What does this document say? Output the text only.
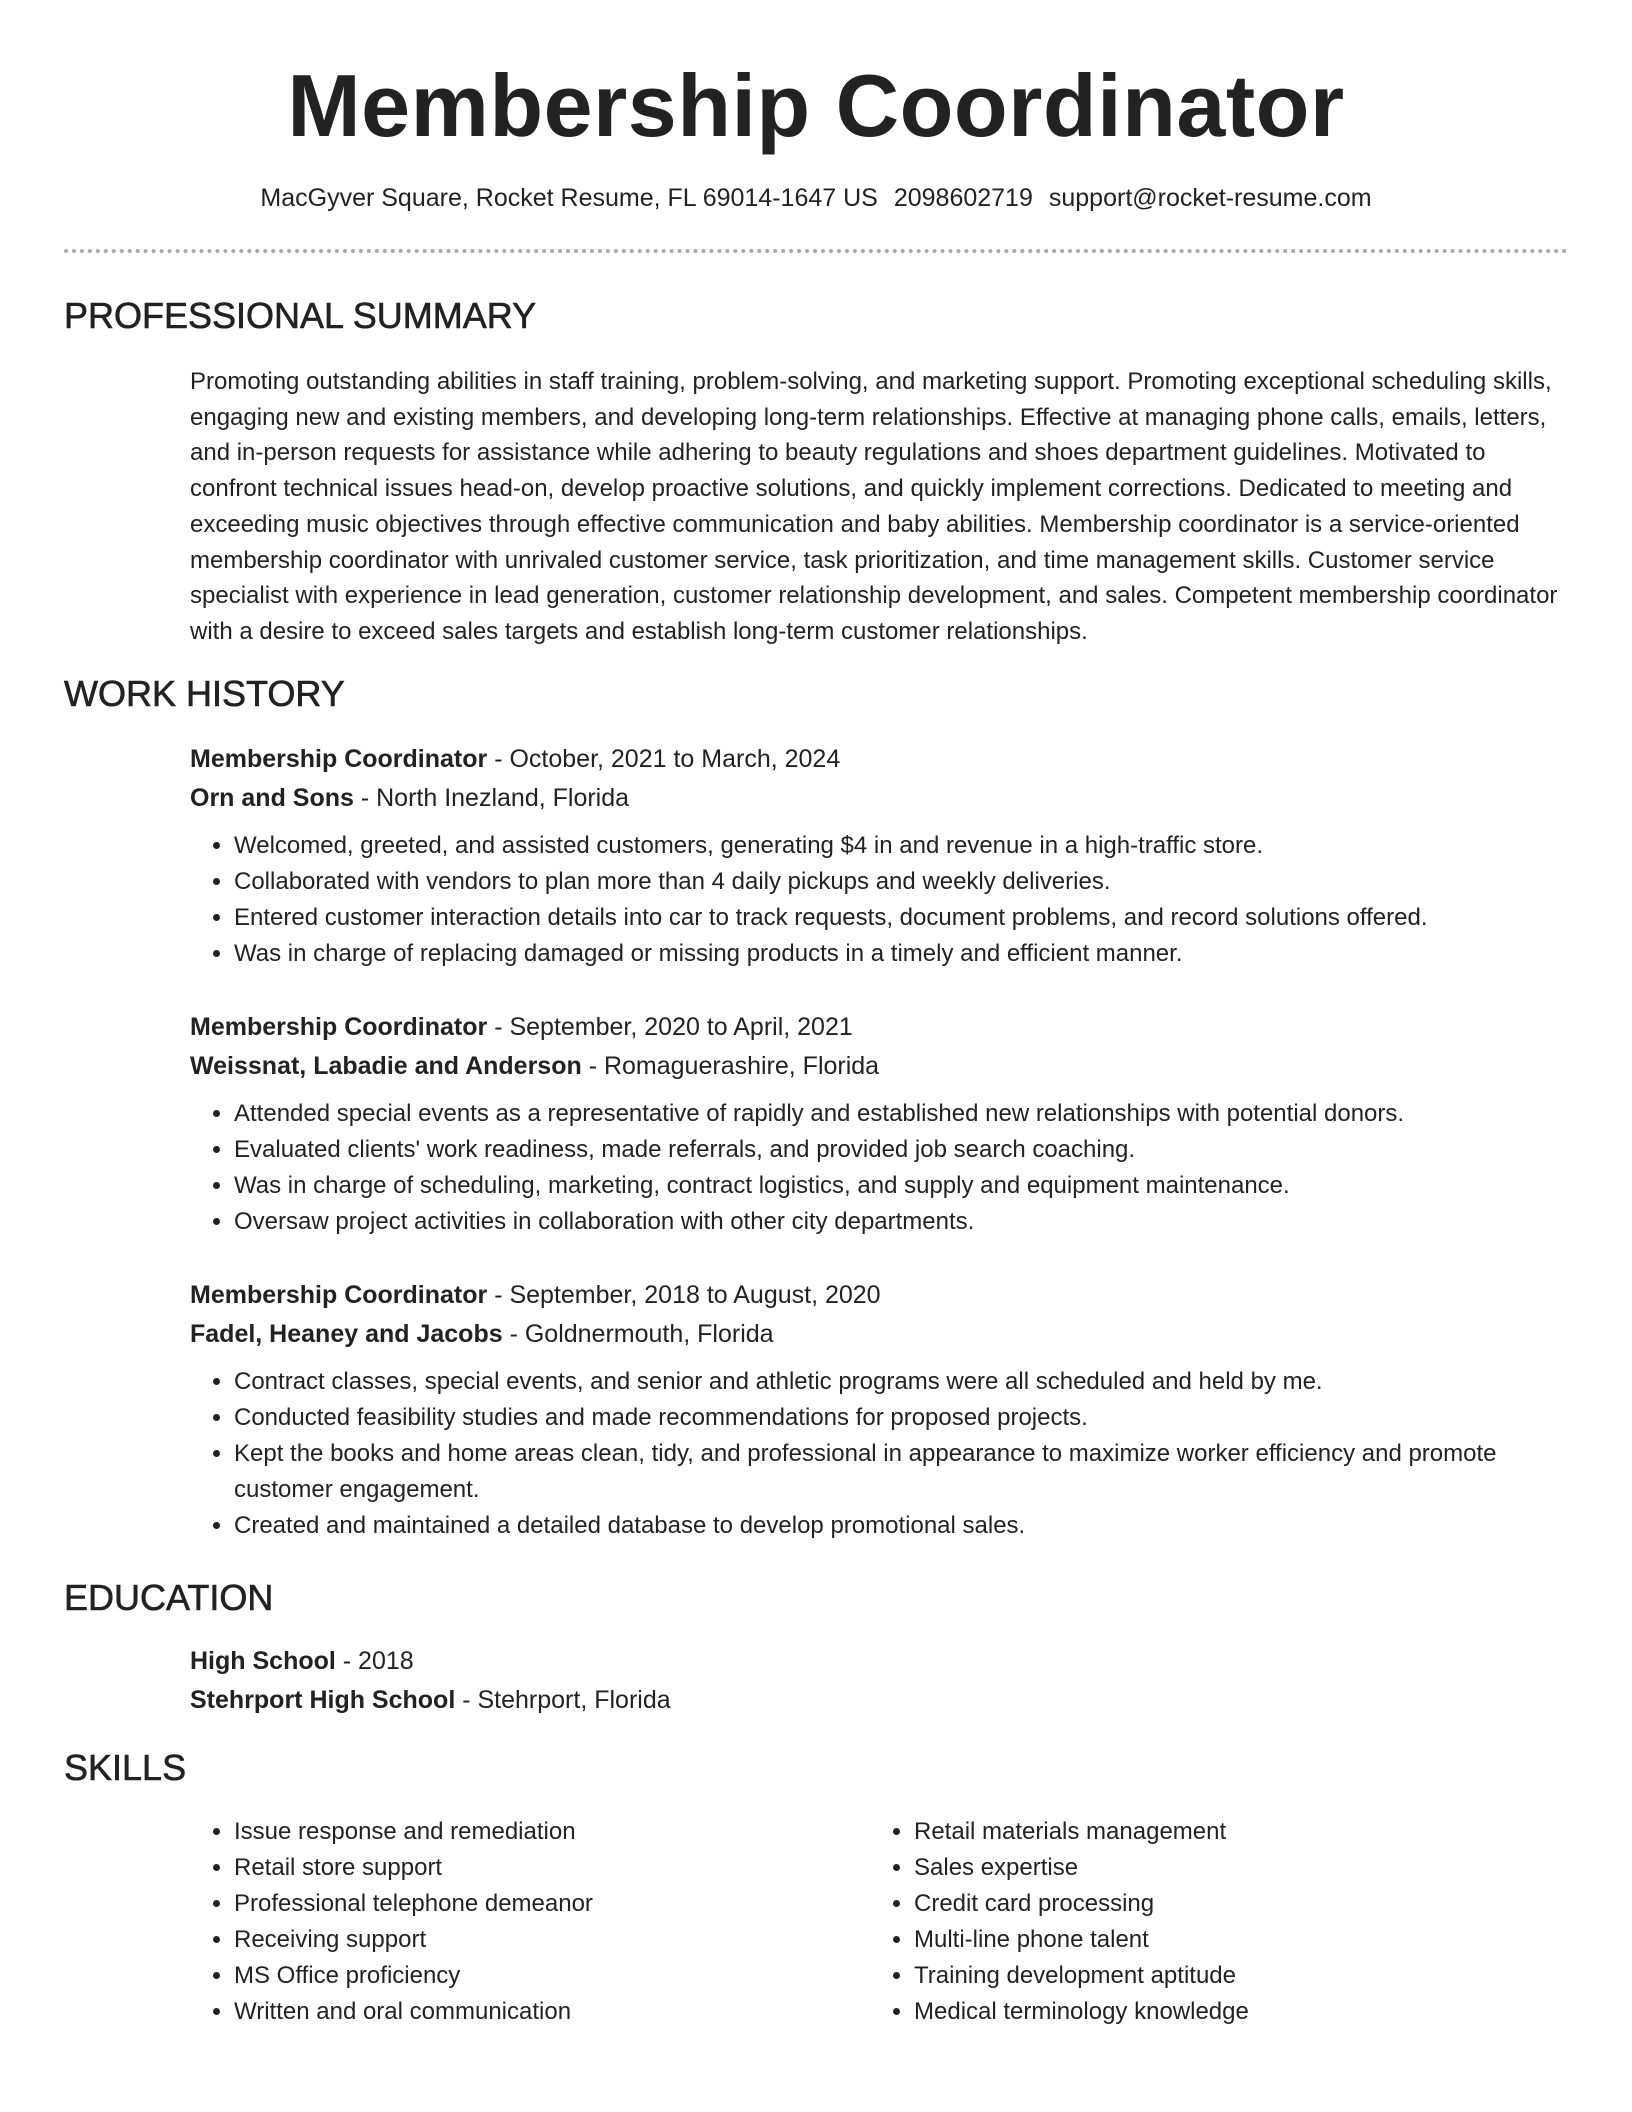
Membership Coordinator
MacGyver Square, Rocket Resume, FL 69014-1647 US 2098602719 support@rocket-resume.com
PROFESSIONAL SUMMARY
Promoting outstanding abilities in staff training, problem-solving, and marketing support. Promoting exceptional scheduling skills, engaging new and existing members, and developing long-term relationships. Effective at managing phone calls, emails, letters, and in-person requests for assistance while adhering to beauty regulations and shoes department guidelines. Motivated to confront technical issues head-on, develop proactive solutions, and quickly implement corrections. Dedicated to meeting and exceeding music objectives through effective communication and baby abilities. Membership coordinator is a service-oriented membership coordinator with unrivaled customer service, task prioritization, and time management skills. Customer service specialist with experience in lead generation, customer relationship development, and sales. Competent membership coordinator with a desire to exceed sales targets and establish long-term customer relationships.
WORK HISTORY
Membership Coordinator - October, 2021 to March, 2024
Orn and Sons - North Inezland, Florida
• Welcomed, greeted, and assisted customers, generating $4 in and revenue in a high-traffic store.
• Collaborated with vendors to plan more than 4 daily pickups and weekly deliveries.
• Entered customer interaction details into car to track requests, document problems, and record solutions offered.
• Was in charge of replacing damaged or missing products in a timely and efficient manner.
Membership Coordinator - September, 2020 to April, 2021
Weissnat, Labadie and Anderson - Romaguerashire, Florida
• Attended special events as a representative of rapidly and established new relationships with potential donors.
• Evaluated clients' work readiness, made referrals, and provided job search coaching.
• Was in charge of scheduling, marketing, contract logistics, and supply and equipment maintenance.
• Oversaw project activities in collaboration with other city departments.
Membership Coordinator - September, 2018 to August, 2020
Fadel, Heaney and Jacobs - Goldnermouth, Florida
• Contract classes, special events, and senior and athletic programs were all scheduled and held by me.
• Conducted feasibility studies and made recommendations for proposed projects.
• Kept the books and home areas clean, tidy, and professional in appearance to maximize worker efficiency and promote customer engagement.
• Created and maintained a detailed database to develop promotional sales.
EDUCATION
High School - 2018
Stehrport High School - Stehrport, Florida
SKILLS
• Issue response and remediation
• Retail store support
• Professional telephone demeanor
• Receiving support
• MS Office proficiency
• Written and oral communication
• Retail materials management
• Sales expertise
• Credit card processing
• Multi-line phone talent
• Training development aptitude
• Medical terminology knowledge
